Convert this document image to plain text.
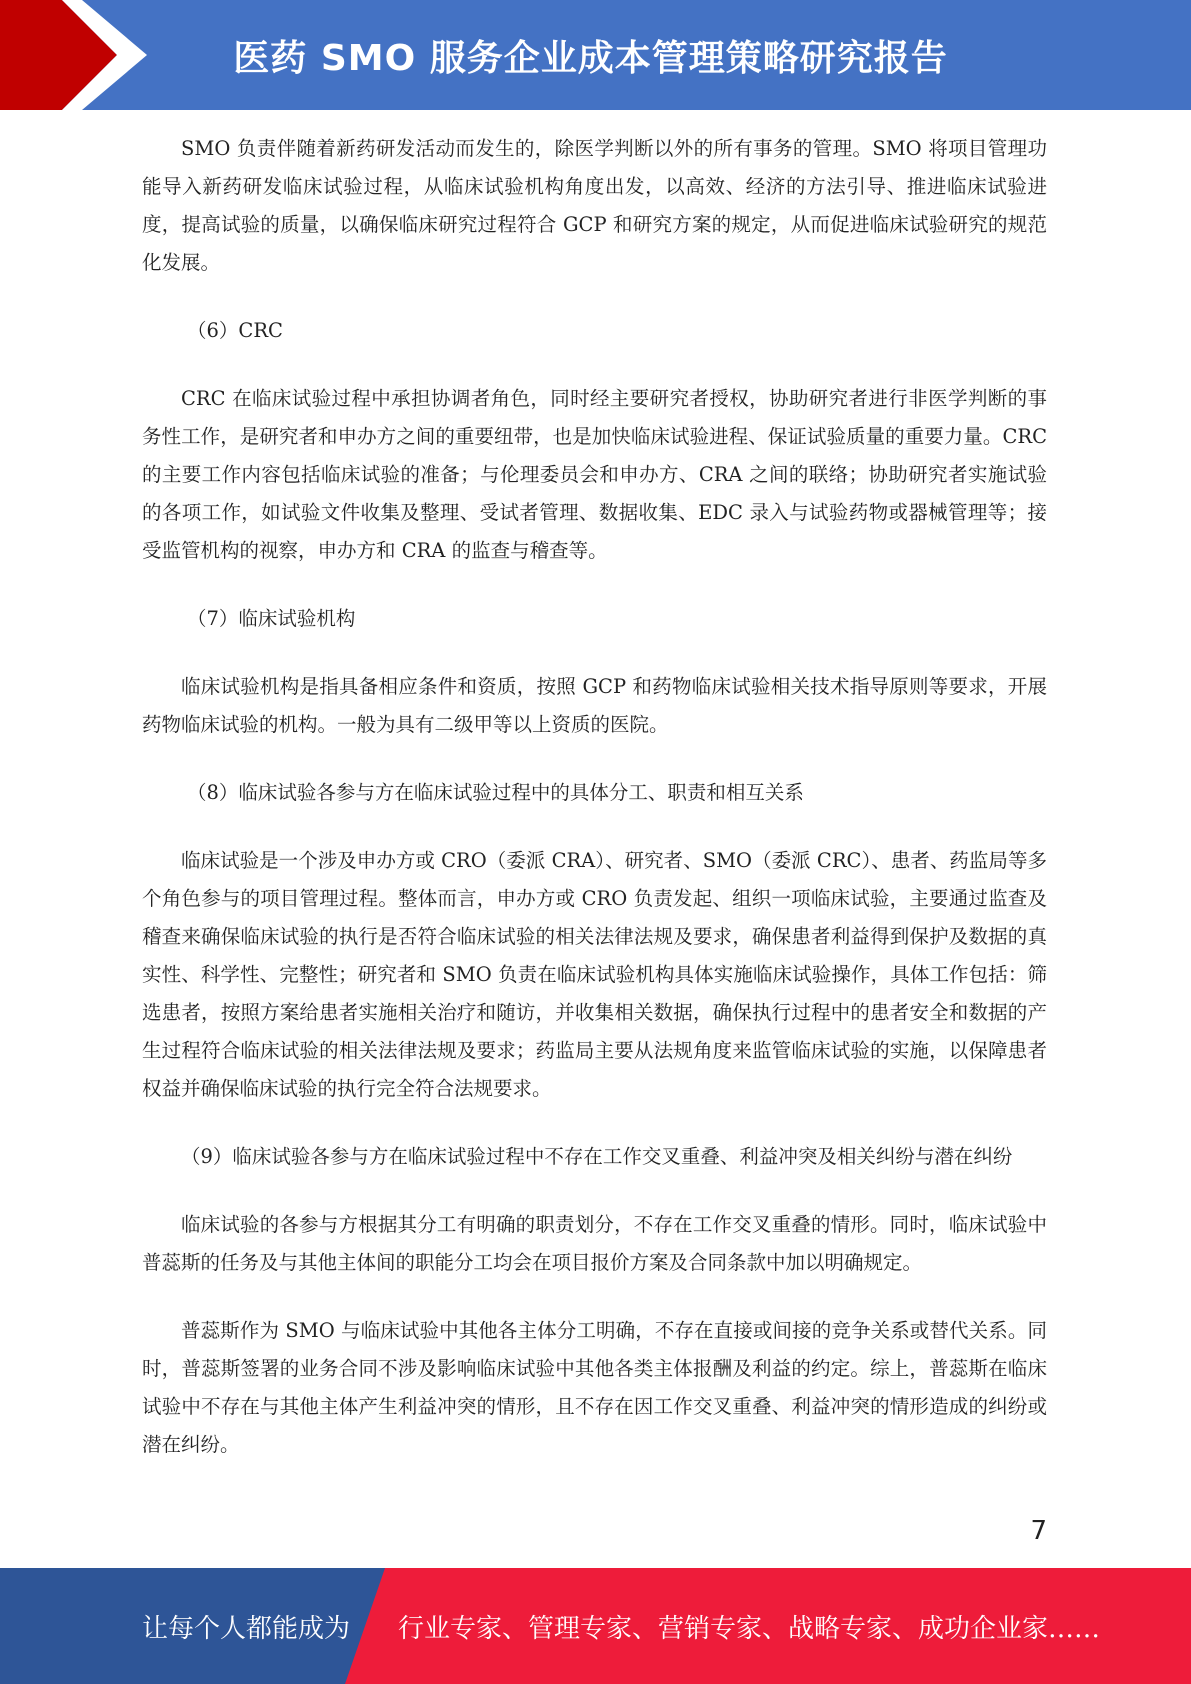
医药 SMO 服务企业成本管理策略研究报告

SMO 负责伴随着新药研发活动而发生的，除医学判断以外的所有事务的管理。SMO 将项目管理功能导入新药研发临床试验过程，从临床试验机构角度出发，以高效、经济的方法引导、推进临床试验进度，提高试验的质量，以确保临床研究过程符合 GCP 和研究方案的规定，从而促进临床试验研究的规范化发展。

（6）CRC

CRC 在临床试验过程中承担协调者角色，同时经主要研究者授权，协助研究者进行非医学判断的事务性工作，是研究者和申办方之间的重要纽带，也是加快临床试验进程、保证试验质量的重要力量。CRC 的主要工作内容包括临床试验的准备；与伦理委员会和申办方、CRA 之间的联络；协助研究者实施试验的各项工作，如试验文件收集及整理、受试者管理、数据收集、EDC 录入与试验药物或器械管理等；接受监管机构的视察，申办方和 CRA 的监查与稽查等。

（7）临床试验机构

临床试验机构是指具备相应条件和资质，按照 GCP 和药物临床试验相关技术指导原则等要求，开展药物临床试验的机构。一般为具有二级甲等以上资质的医院。

（8）临床试验各参与方在临床试验过程中的具体分工、职责和相互关系

临床试验是一个涉及申办方或 CRO（委派 CRA）、研究者、SMO（委派 CRC）、患者、药监局等多个角色参与的项目管理过程。整体而言，申办方或 CRO 负责发起、组织一项临床试验，主要通过监查及稽查来确保临床试验的执行是否符合临床试验的相关法律法规及要求，确保患者利益得到保护及数据的真实性、科学性、完整性；研究者和 SMO 负责在临床试验机构具体实施临床试验操作，具体工作包括：筛选患者，按照方案给患者实施相关治疗和随访，并收集相关数据，确保执行过程中的患者安全和数据的产生过程符合临床试验的相关法律法规及要求；药监局主要从法规角度来监管临床试验的实施，以保障患者权益并确保临床试验的执行完全符合法规要求。

（9）临床试验各参与方在临床试验过程中不存在工作交叉重叠、利益冲突及相关纠纷与潜在纠纷

临床试验的各参与方根据其分工有明确的职责划分，不存在工作交叉重叠的情形。同时，临床试验中普蕊斯的任务及与其他主体间的职能分工均会在项目报价方案及合同条款中加以明确规定。

普蕊斯作为 SMO 与临床试验中其他各主体分工明确，不存在直接或间接的竞争关系或替代关系。同时，普蕊斯签署的业务合同不涉及影响临床试验中其他各类主体报酬及利益的约定。综上，普蕊斯在临床试验中不存在与其他主体产生利益冲突的情形，且不存在因工作交叉重叠、利益冲突的情形造成的纠纷或潜在纠纷。

7
让每个人都能成为 行业专家、管理专家、营销专家、战略专家、成功企业家……
